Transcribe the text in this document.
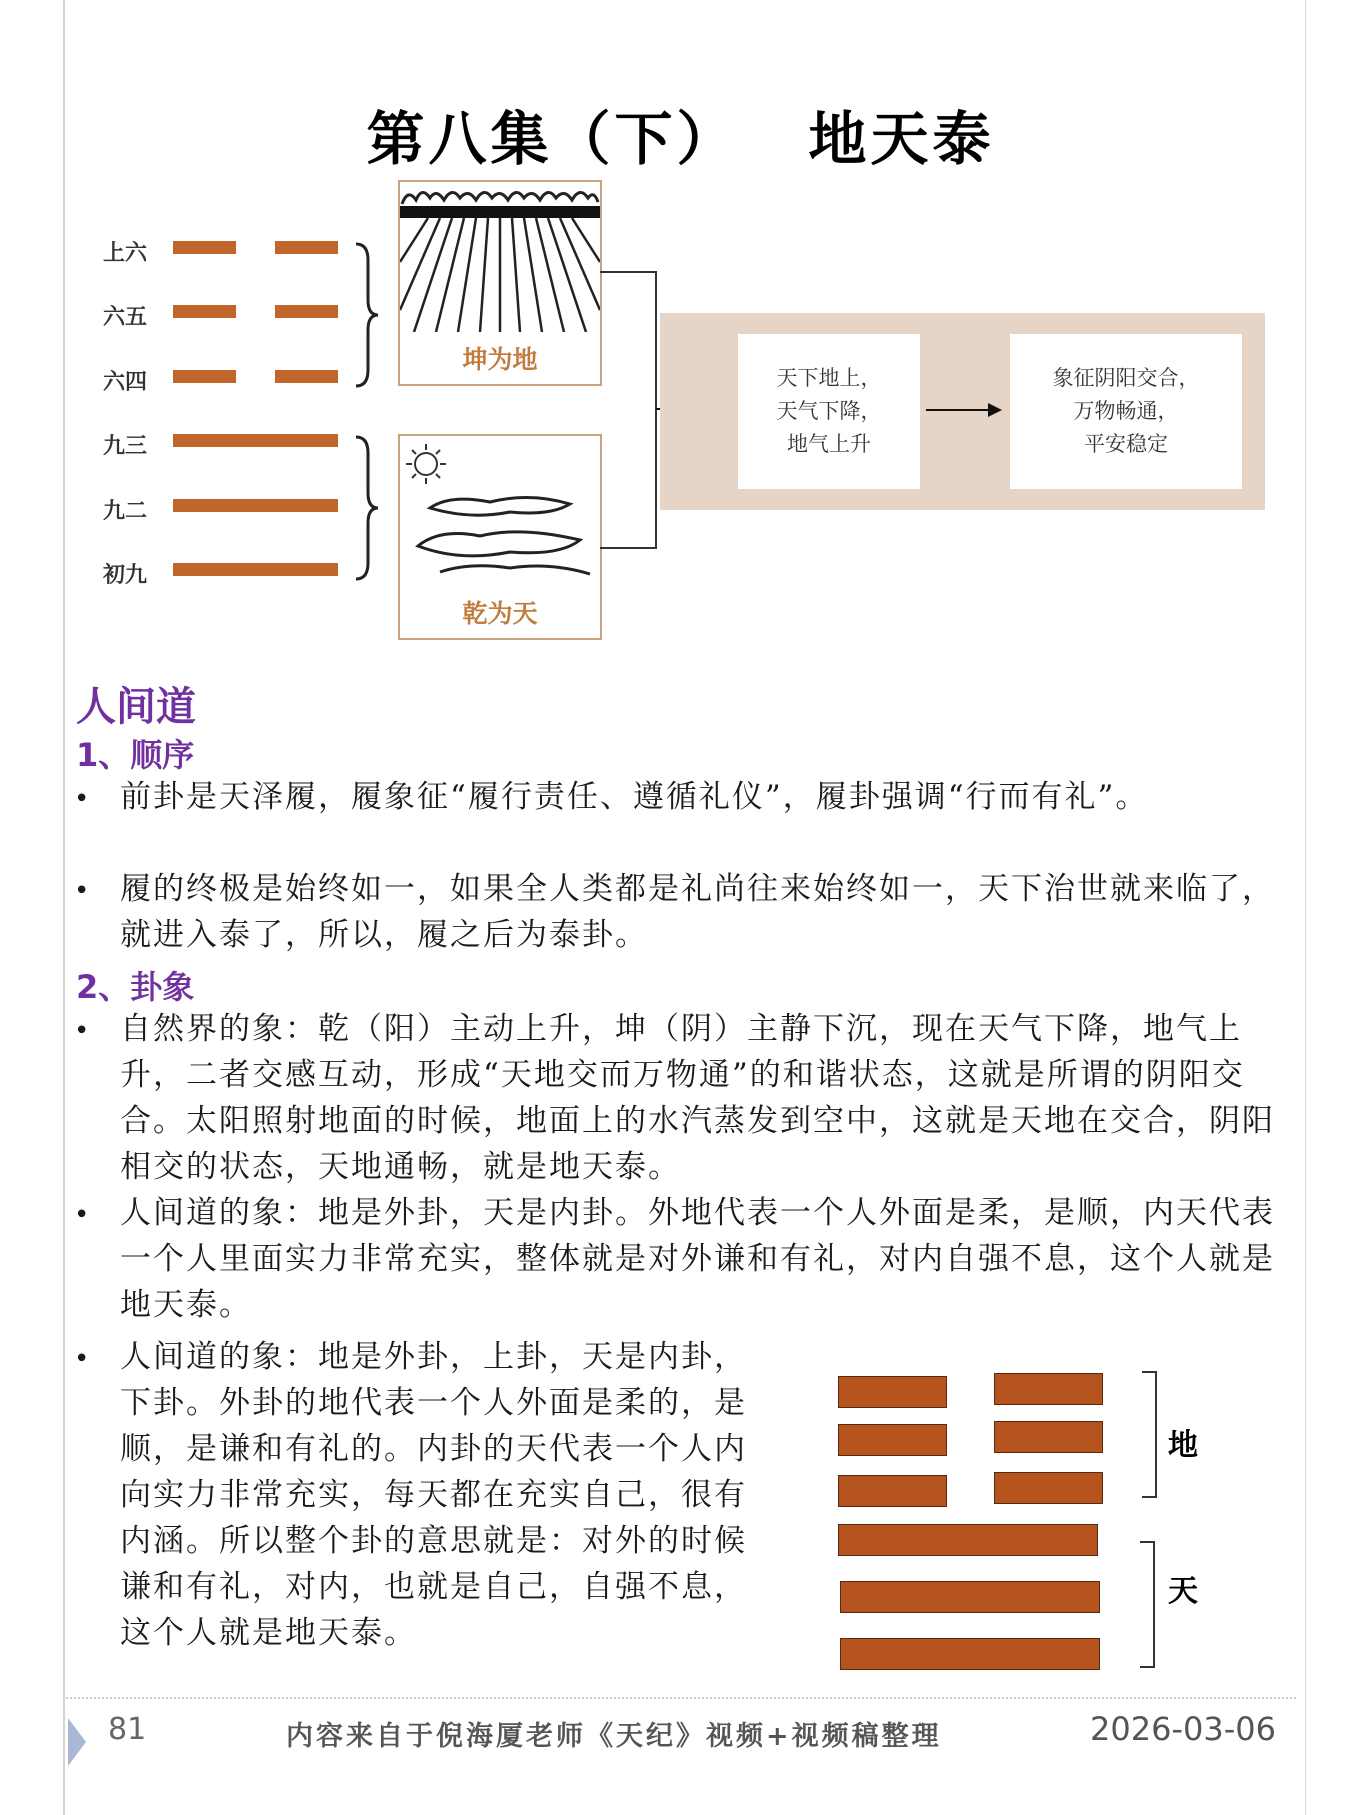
第八集（下） 地天泰
上六
六五
六四
九三
九二
初九
坤为地
乾为天
天下地上，
天气下降，
地气上升
象征阴阳交合，
万物畅通，
平安稳定
人间道
1、顺序
• 前卦是天泽履，履象征“履行责任、遵循礼仪”，履卦强调“行而有礼”。
• 履的终极是始终如一，如果全人类都是礼尚往来始终如一，天下治世就来临了，就进入泰了，所以，履之后为泰卦。
2、卦象
• 自然界的象：乾（阳）主动上升，坤（阴）主静下沉，现在天气下降，地气上升，二者交感互动，形成“天地交而万物通”的和谐状态，这就是所谓的阴阳交合。太阳照射地面的时候，地面上的水汽蒸发到空中，这就是天地在交合，阴阳相交的状态，天地通畅，就是地天泰。
• 人间道的象：地是外卦，天是内卦。外地代表一个人外面是柔，是顺，内天代表一个人里面实力非常充实，整体就是对外谦和有礼，对内自强不息，这个人就是地天泰。
• 人间道的象：地是外卦，上卦，天是内卦，下卦。外卦的地代表一个人外面是柔的，是顺，是谦和有礼的。内卦的天代表一个人内向实力非常充实，每天都在充实自己，很有内涵。所以整个卦的意思就是：对外的时候谦和有礼，对内，也就是自己，自强不息，这个人就是地天泰。
地
天
81	内容来自于倪海厦老师《天纪》视频+视频稿整理	2026-03-06
